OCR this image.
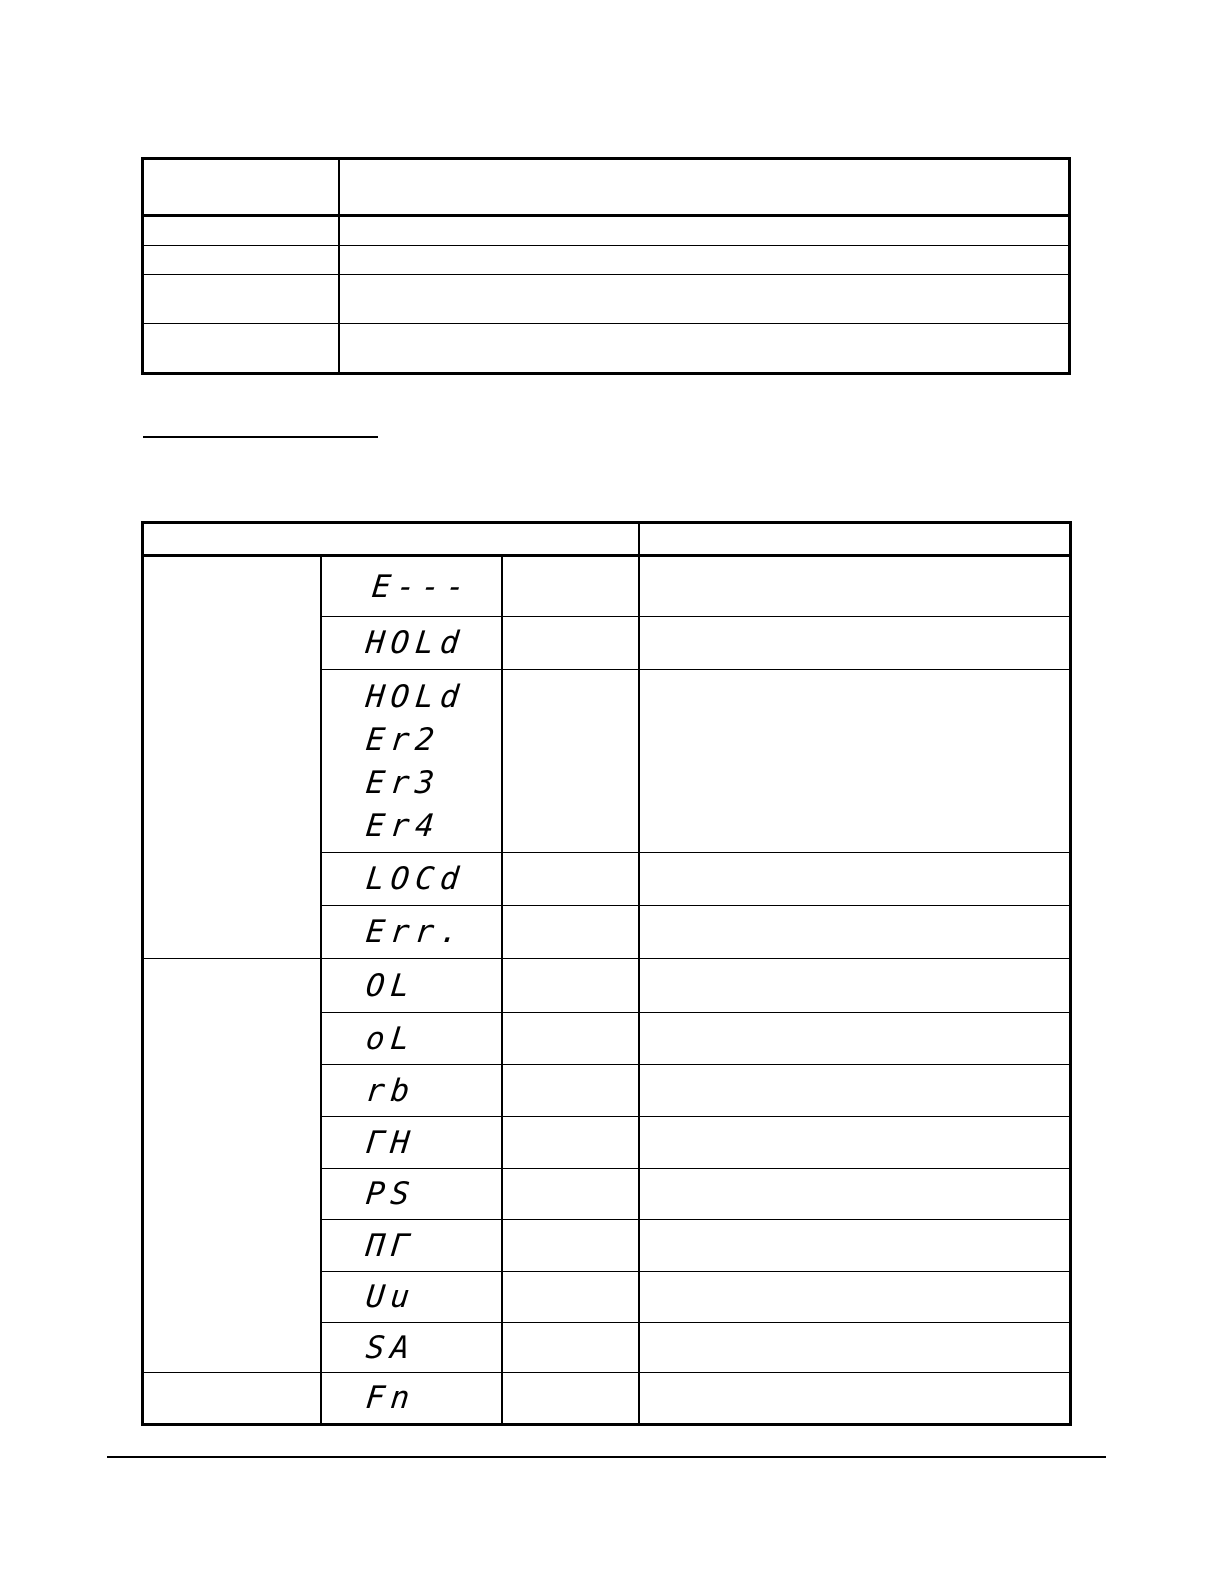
	E---		

	HOLd		

	HOLd
Er2
Er3
Er4		

	LOCd		

	Err.		

	OL		

	oL		

	rb		

	ΓH		

	PS		

	ΠΓ		

	Uu		

	SA		

	Fn		
